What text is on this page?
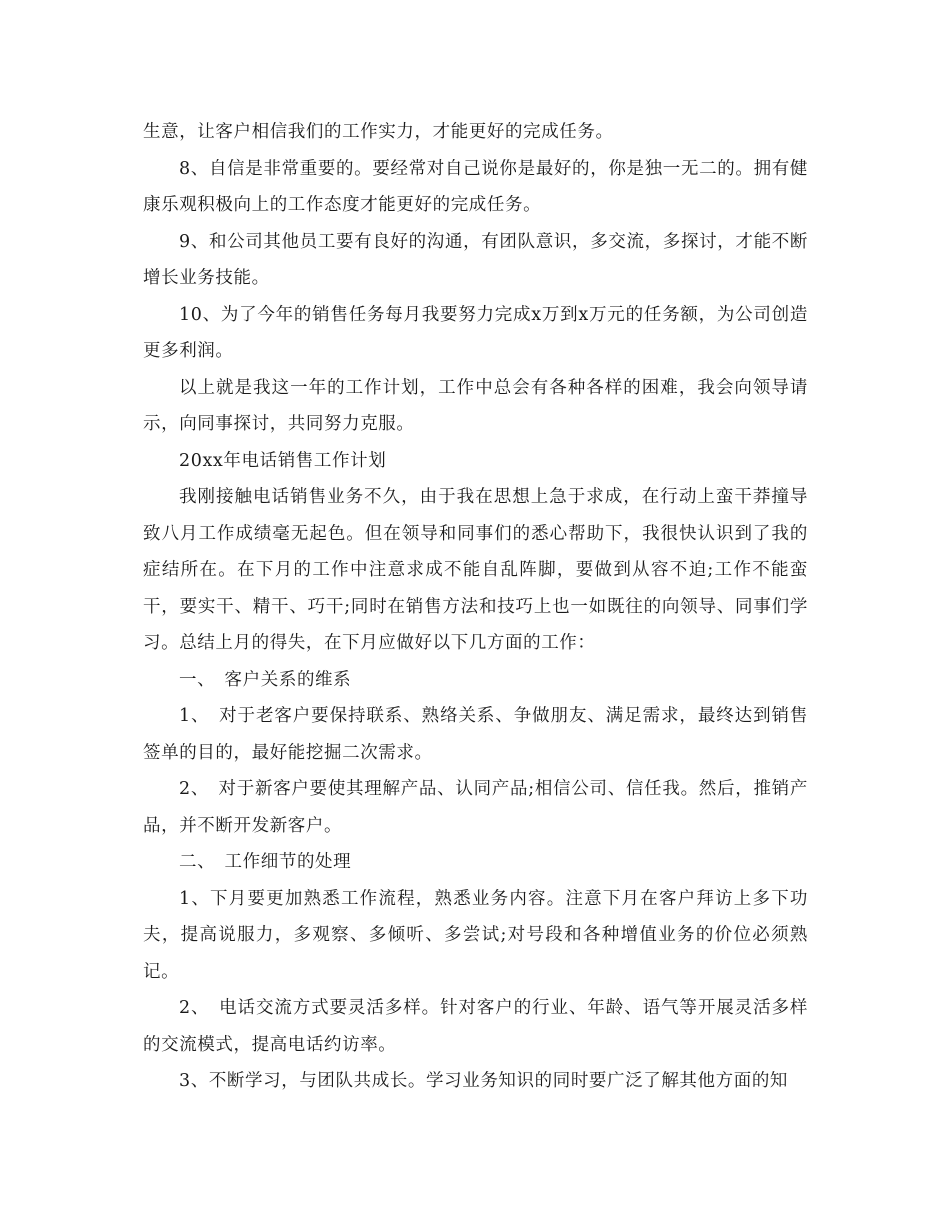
生意，让客户相信我们的工作实力，才能更好的完成任务。

8、自信是非常重要的。要经常对自己说你是最好的，你是独一无二的。拥有健康乐观积极向上的工作态度才能更好的完成任务。

9、和公司其他员工要有良好的沟通，有团队意识，多交流，多探讨，才能不断增长业务技能。

10、为了今年的销售任务每月我要努力完成x万到x万元的任务额，为公司创造更多利润。

以上就是我这一年的工作计划，工作中总会有各种各样的困难，我会向领导请示，向同事探讨，共同努力克服。

20xx年电话销售工作计划

我刚接触电话销售业务不久，由于我在思想上急于求成，在行动上蛮干莽撞导致八月工作成绩毫无起色。但在领导和同事们的悉心帮助下，我很快认识到了我的症结所在。在下月的工作中注意求成不能自乱阵脚，要做到从容不迫;工作不能蛮干，要实干、精干、巧干;同时在销售方法和技巧上也一如既往的向领导、同事们学习。总结上月的得失，在下月应做好以下几方面的工作：

一、　客户关系的维系

1、　对于老客户要保持联系、熟络关系、争做朋友、满足需求，最终达到销售签单的目的，最好能挖掘二次需求。

2、　对于新客户要使其理解产品、认同产品;相信公司、信任我。然后，推销产品，并不断开发新客户。

二、　工作细节的处理

1、下月要更加熟悉工作流程，熟悉业务内容。注意下月在客户拜访上多下功夫，提高说服力，多观察、多倾听、多尝试;对号段和各种增值业务的价位必须熟记。

2、　电话交流方式要灵活多样。针对客户的行业、年龄、语气等开展灵活多样的交流模式，提高电话约访率。

3、不断学习，与团队共成长。学习业务知识的同时要广泛了解其他方面的知
